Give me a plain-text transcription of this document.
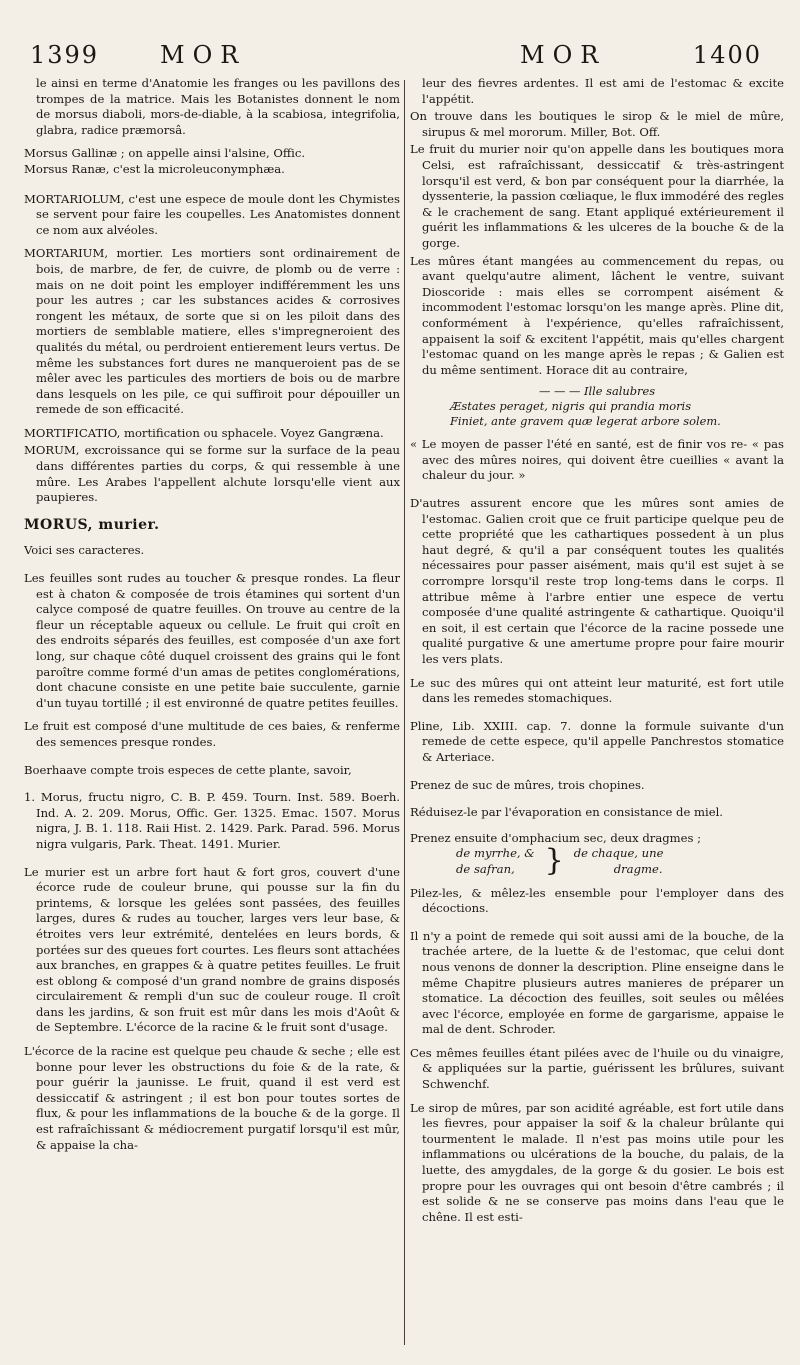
1399	MOR	MOR	1400

le ainsi en terme d'Anatomie les franges ou les pavillons des trompes de la matrice. Mais les Botanistes donnent le nom de morsus diaboli, mors-de-diable, à la scabiosa, integrifolia, glabra, radice præmorsâ.

Morsus Gallinæ ; on appelle ainsi l'alsine, Offic.

Morsus Ranæ, c'est la microleuconymphæa.

MORTARIOLUM, c'est une espece de moule dont les Chymistes se servent pour faire les coupelles. Les Anatomistes donnent ce nom aux alvéoles.

MORTARIUM, mortier. Les mortiers sont ordinairement de bois, de marbre, de fer, de cuivre, de plomb ou de verre : mais on ne doit point les employer indifféremment les uns pour les autres ; car les substances acides & corrosives rongent les métaux, de sorte que si on les piloit dans des mortiers de semblable matiere, elles s'impregneroient des qualités du métal, ou perdroient entierement leurs vertus. De même les substances fort dures ne manqueroient pas de se mêler avec les particules des mortiers de bois ou de marbre dans lesquels on les pile, ce qui suffiroit pour dépouiller un remede de son efficacité.

MORTIFICATIO, mortification ou sphacele. Voyez Gangræna.

MORUM, excroissance qui se forme sur la surface de la peau dans différentes parties du corps, & qui ressemble à une mûre. Les Arabes l'appellent alchute lorsqu'elle vient aux paupieres.

MORUS, murier.

Voici ses caracteres.

Les feuilles sont rudes au toucher & presque rondes. La fleur est à chaton & composée de trois étamines qui sortent d'un calyce composé de quatre feuilles. On trouve au centre de la fleur un réceptable aqueux ou cellule. Le fruit qui croît en des endroits séparés des feuilles, est composée d'un axe fort long, sur chaque côté duquel croissent des grains qui le font paroître comme formé d'un amas de petites conglomérations, dont chacune consiste en une petite baie succulente, garnie d'un tuyau tortillé ; il est environné de quatre petites feuilles.

Le fruit est composé d'une multitude de ces baies, & renferme des semences presque rondes.

Boerhaave compte trois especes de cette plante, savoir,

1. Morus, fructu nigro, C. B. P. 459. Tourn. Inst. 589. Boerh. Ind. A. 2. 209. Morus, Offic. Ger. 1325. Emac. 1507. Morus nigra, J. B. 1. 118. Raii Hist. 2. 1429. Park. Parad. 596. Morus nigra vulgaris, Park. Theat. 1491. Murier.

Le murier est un arbre fort haut & fort gros, couvert d'une écorce rude de couleur brune, qui pousse sur la fin du printems, & lorsque les gelées sont passées, des feuilles larges, dures & rudes au toucher, larges vers leur base, & étroites vers leur extrémité, dentelées en leurs bords, & portées sur des queues fort courtes. Les fleurs sont attachées aux branches, en grappes & à quatre petites feuilles. Le fruit est oblong & composé d'un grand nombre de grains disposés circulairement & rempli d'un suc de couleur rouge. Il croît dans les jardins, & son fruit est mûr dans les mois d'Août & de Septembre. L'écorce de la racine & le fruit sont d'usage.

L'écorce de la racine est quelque peu chaude & seche ; elle est bonne pour lever les obstructions du foie & de la rate, & pour guérir la jaunisse. Le fruit, quand il est verd est dessiccatif & astringent ; il est bon pour toutes sortes de flux, & pour les inflammations de la bouche & de la gorge. Il est rafraîchissant & médiocrement purgatif lorsqu'il est mûr, & appaise la cha-

leur des fievres ardentes. Il est ami de l'estomac & excite l'appétit.

On trouve dans les boutiques le sirop & le miel de mûre, sirupus & mel mororum. Miller, Bot. Off.

Le fruit du murier noir qu'on appelle dans les boutiques mora Celsi, est rafraîchissant, dessiccatif & très-astringent lorsqu'il est verd, & bon par conséquent pour la diarrhée, la dyssenterie, la passion cœliaque, le flux immodéré des regles & le crachement de sang. Etant appliqué extérieurement il guérit les inflammations & les ulceres de la bouche & de la gorge.

Les mûres étant mangées au commencement du repas, ou avant quelqu'autre aliment, lâchent le ventre, suivant Dioscoride : mais elles se corrompent aisément & incommodent l'estomac lorsqu'on les mange après. Pline dit, conformément à l'expérience, qu'elles rafraîchissent, appaisent la soif & excitent l'appétit, mais qu'elles chargent l'estomac quand on les mange après le repas ; & Galien est du même sentiment. Horace dit au contraire,

— — — Ille salubres
Æstates peraget, nigris qui prandia moris
Finiet, ante gravem quæ legerat arbore solem.

« Le moyen de passer l'été en santé, est de finir vos re- « pas avec des mûres noires, qui doivent être cueillies « avant la chaleur du jour. »

D'autres assurent encore que les mûres sont amies de l'estomac. Galien croit que ce fruit participe quelque peu de cette propriété que les cathartiques possedent à un plus haut degré, & qu'il a par conséquent toutes les qualités nécessaires pour passer aisément, mais qu'il est sujet à se corrompre lorsqu'il reste trop long-tems dans le corps. Il attribue même à l'arbre entier une espece de vertu composée d'une qualité astringente & cathartique. Quoiqu'il en soit, il est certain que l'écorce de la racine possede une qualité purgative & une amertume propre pour faire mourir les vers plats.

Le suc des mûres qui ont atteint leur maturité, est fort utile dans les remedes stomachiques.

Pline, Lib. XXIII. cap. 7. donne la formule suivante d'un remede de cette espece, qu'il appelle Panchrestos stomatice & Arteriace.

Prenez de suc de mûres, trois chopines.

Réduisez-le par l'évaporation en consistance de miel.

Prenez ensuite d'omphacium sec, deux dragmes ;
de myrrhe, &
de safran, } de chaque, une
dragme.

Pilez-les, & mêlez-les ensemble pour l'employer dans des décoctions.

Il n'y a point de remede qui soit aussi ami de la bouche, de la trachée artere, de la luette & de l'estomac, que celui dont nous venons de donner la description. Pline enseigne dans le même Chapitre plusieurs autres manieres de préparer un stomatice. La décoction des feuilles, soit seules ou mêlées avec l'écorce, employée en forme de gargarisme, appaise le mal de dent. Schroder.

Ces mêmes feuilles étant pilées avec de l'huile ou du vinaigre, & appliquées sur la partie, guérissent les brûlures, suivant Schwenchf.

Le sirop de mûres, par son acidité agréable, est fort utile dans les fievres, pour appaiser la soif & la chaleur brûlante qui tourmentent le malade. Il n'est pas moins utile pour les inflammations ou ulcérations de la bouche, du palais, de la luette, des amygdales, de la gorge & du gosier. Le bois est propre pour les ouvrages qui ont besoin d'être cambrés ; il est solide & ne se conserve pas moins dans l'eau que le chêne. Il est esti-
